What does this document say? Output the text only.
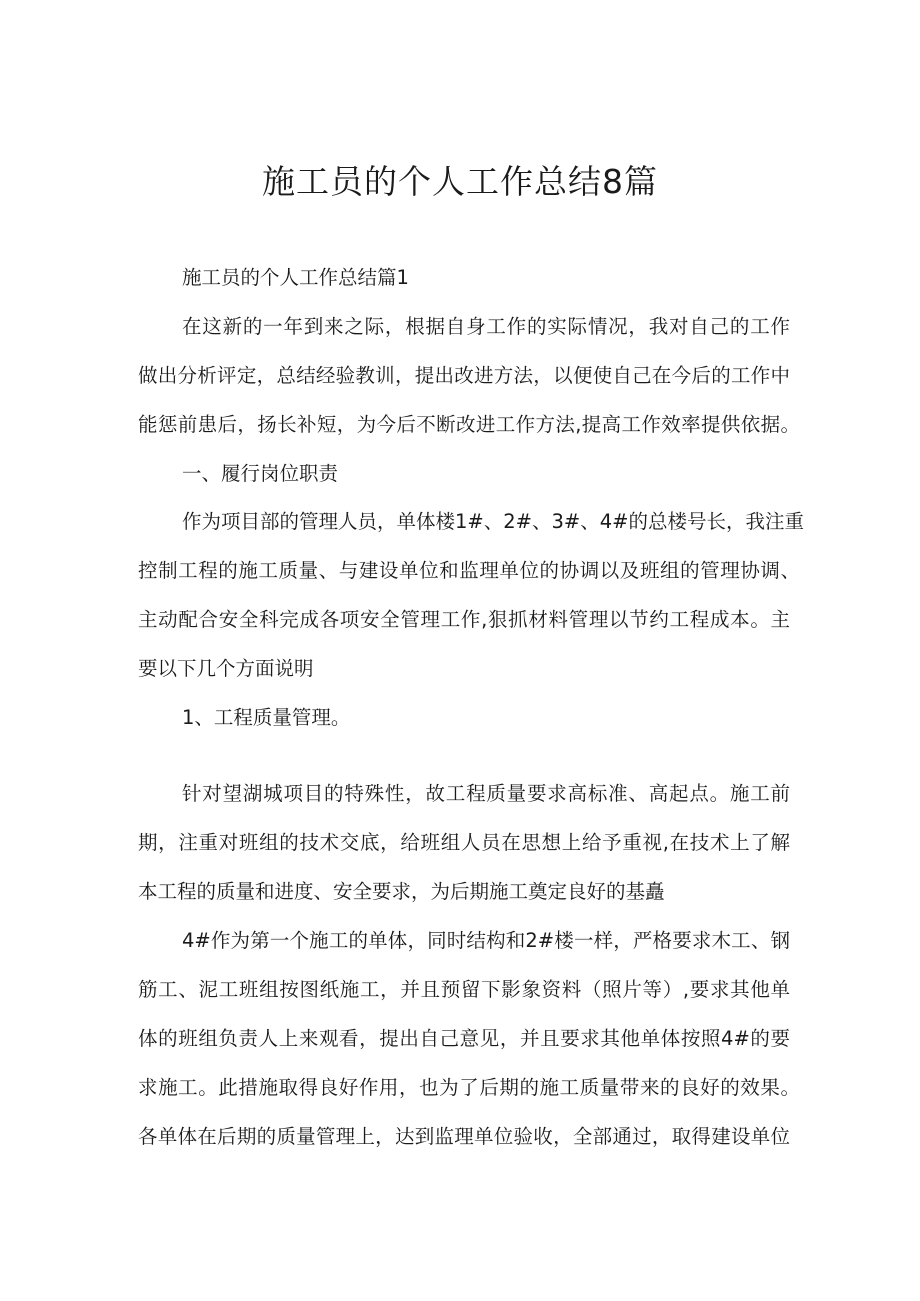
施工员的个人工作总结8篇
施工员的个人工作总结篇1
在这新的一年到来之际，根据自身工作的实际情况，我对自己的工作
做出分析评定，总结经验教训，提出改进方法，以便使自己在今后的工作中
能惩前患后，扬长补短，为今后不断改进工作方法,提高工作效率提供依据。
一、履行岗位职责
作为项目部的管理人员，单体楼1#、2#、3#、4#的总楼号长，我注重
控制工程的施工质量、与建设单位和监理单位的协调以及班组的管理协调、
主动配合安全科完成各项安全管理工作,狠抓材料管理以节约工程成本。主
要以下几个方面说明
1、工程质量管理。
针对望湖城项目的特殊性，故工程质量要求高标准、高起点。施工前
期，注重对班组的技术交底，给班组人员在思想上给予重视,在技术上了解
本工程的质量和进度、安全要求，为后期施工奠定良好的基矗
4#作为第一个施工的单体，同时结构和2#楼一样，严格要求木工、钢
筋工、泥工班组按图纸施工，并且预留下影象资料（照片等）,要求其他单
体的班组负责人上来观看，提出自己意见，并且要求其他单体按照4#的要
求施工。此措施取得良好作用，也为了后期的施工质量带来的良好的效果。
各单体在后期的质量管理上，达到监理单位验收，全部通过，取得建设单位
